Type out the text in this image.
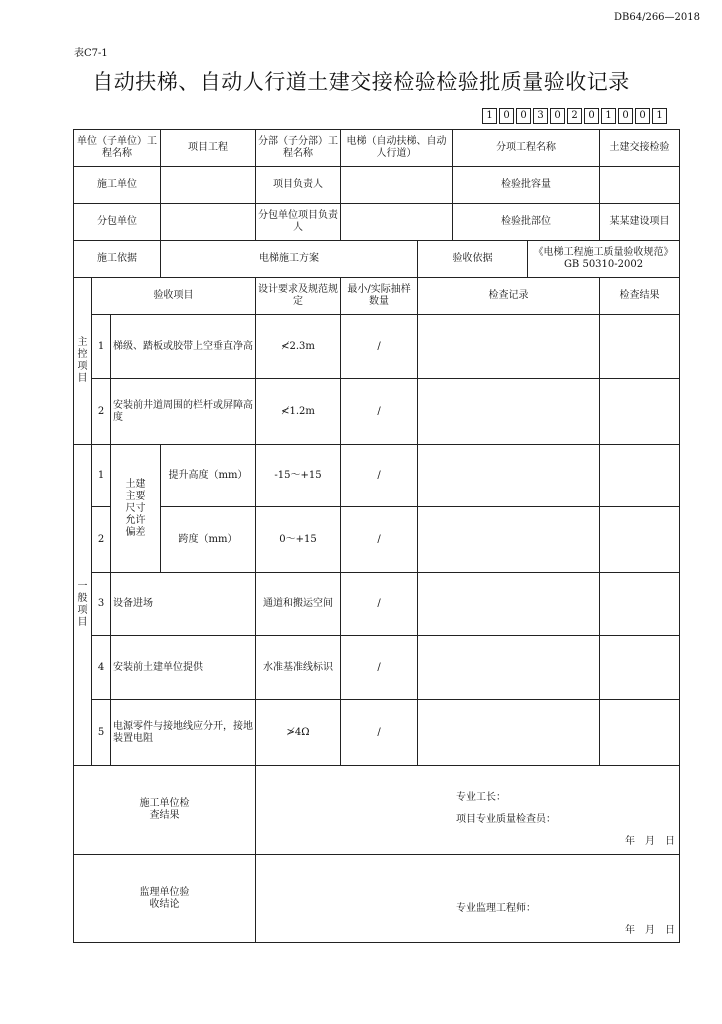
DB64/266—2018
表C7-1
自动扶梯、自动人行道土建交接检验检验批质量验收记录
1	0	0	3	0	2	0	1	0	0	1
单位（子单位）工程名称			项目工程	分部（子分部）工程名称	电梯（自动扶梯、自动人行道）		分项工程名称		土建交接检验
施工单位				项目负责人			检验批容量		
分包单位				分包单位项目负责人			检验批部位		某某建设项目
施工依据			电梯施工方案			验收依据		《电梯工程施工质量验收规范》
GB 50310-2002	

主控项目	验收项目			设计要求及规范规定	最小/实际抽样数量	检查记录			检查结果
	1	梯级、踏板或胶带上空垂直净高		≮2.3m	/				
	2	安装前井道周围的栏杆或屏障高度		≮1.2m	/				

一般项目	1	土建主要尺寸允许偏差	提升高度（mm）	-15～+15	/				
	2		跨度（mm）	0～+15	/				
	3	设备进场		通道和搬运空间	/				
	4	安装前土建单位提供		水准基准线标识	/				
	5	电源零件与接地线应分开，接地装置电阻		≯4Ω	/				

施工单位检查结果				专业工长：
项目专业质量检查员：
年　月　日					

监理单位验收结论				专业监理工程师：
年　月　日					
